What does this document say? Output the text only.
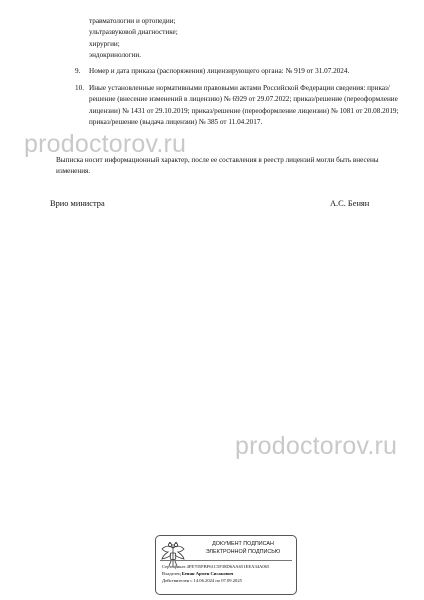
травматологии и ортопедии;
ультразвуковой диагностике;
хирургии;
эндокринологии.
9. Номер и дата приказа (распоряжения) лицензирующего органа: № 919 от 31.07.2024.
10. Иные установленные нормативными правовыми актами Российской Федерации сведения: приказ/решение (внесение изменений в лицензию) № 6929 от 29.07.2022; приказ/решение (переоформление лицензии) № 1431 от 29.10.2019; приказ/решение (переоформление лицензии) № 1081 от 20.08.2019; приказ/решение (выдача лицензии) № 385 от 11.04.2017.
prodoctorov.ru
Выписка носит информационный характер, после ее составления в реестр лицензий могли быть внесены изменения.
Врио министра	А.С. Бенян
prodoctorov.ru
ДОКУМЕНТ ПОДПИСАН
ЭЛЕКТРОННОЙ ПОДПИСЬЮ
Сертификат 4FE705FBF61C5F38D6AA651EEA34A065
Владелец Бенян Армен Сисакович
Действителен с 14.06.2024 по 07.09.2025
